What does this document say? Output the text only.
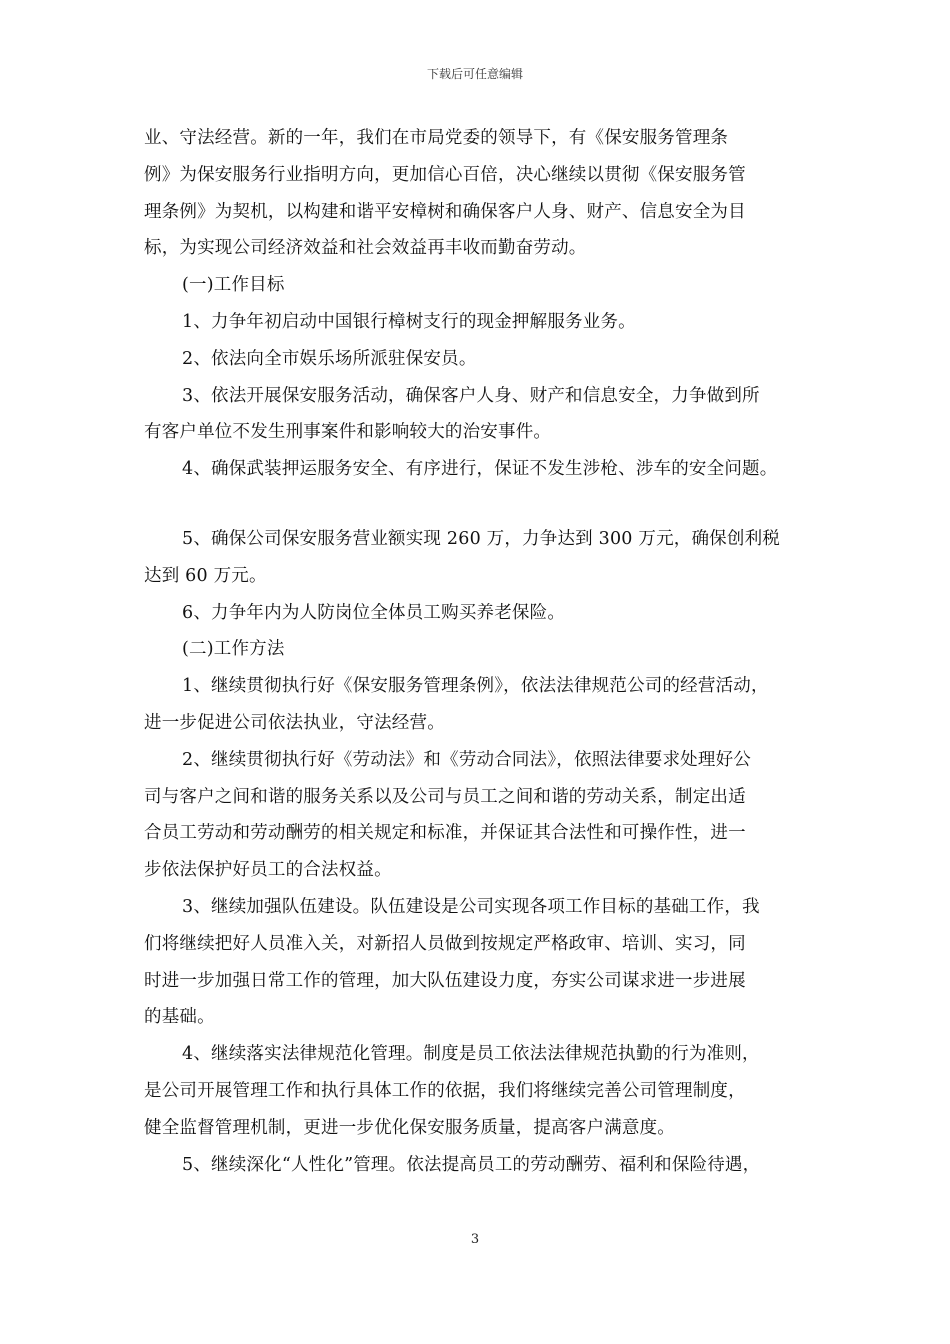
下载后可任意编辑
业、守法经营。新的一年，我们在市局党委的领导下，有《保安服务管理条
例》为保安服务行业指明方向，更加信心百倍，决心继续以贯彻《保安服务管
理条例》为契机，以构建和谐平安樟树和确保客户人身、财产、信息安全为目
标，为实现公司经济效益和社会效益再丰收而勤奋劳动。
(一)工作目标
1、力争年初启动中国银行樟树支行的现金押解服务业务。
2、依法向全市娱乐场所派驻保安员。
3、依法开展保安服务活动，确保客户人身、财产和信息安全，力争做到所
有客户单位不发生刑事案件和影响较大的治安事件。
4、确保武装押运服务安全、有序进行，保证不发生涉枪、涉车的安全问题。
5、确保公司保安服务营业额实现 260 万，力争达到 300 万元，确保创利税
达到 60 万元。
6、力争年内为人防岗位全体员工购买养老保险。
(二)工作方法
1、继续贯彻执行好《保安服务管理条例》，依法法律规范公司的经营活动，
进一步促进公司依法执业，守法经营。
2、继续贯彻执行好《劳动法》和《劳动合同法》，依照法律要求处理好公
司与客户之间和谐的服务关系以及公司与员工之间和谐的劳动关系，制定出适
合员工劳动和劳动酬劳的相关规定和标准，并保证其合法性和可操作性，进一
步依法保护好员工的合法权益。
3、继续加强队伍建设。队伍建设是公司实现各项工作目标的基础工作，我
们将继续把好人员准入关，对新招人员做到按规定严格政审、培训、实习，同
时进一步加强日常工作的管理，加大队伍建设力度，夯实公司谋求进一步进展
的基础。
4、继续落实法律规范化管理。制度是员工依法法律规范执勤的行为准则，
是公司开展管理工作和执行具体工作的依据，我们将继续完善公司管理制度，
健全监督管理机制，更进一步优化保安服务质量，提高客户满意度。
5、继续深化“人性化”管理。依法提高员工的劳动酬劳、福利和保险待遇，
3
